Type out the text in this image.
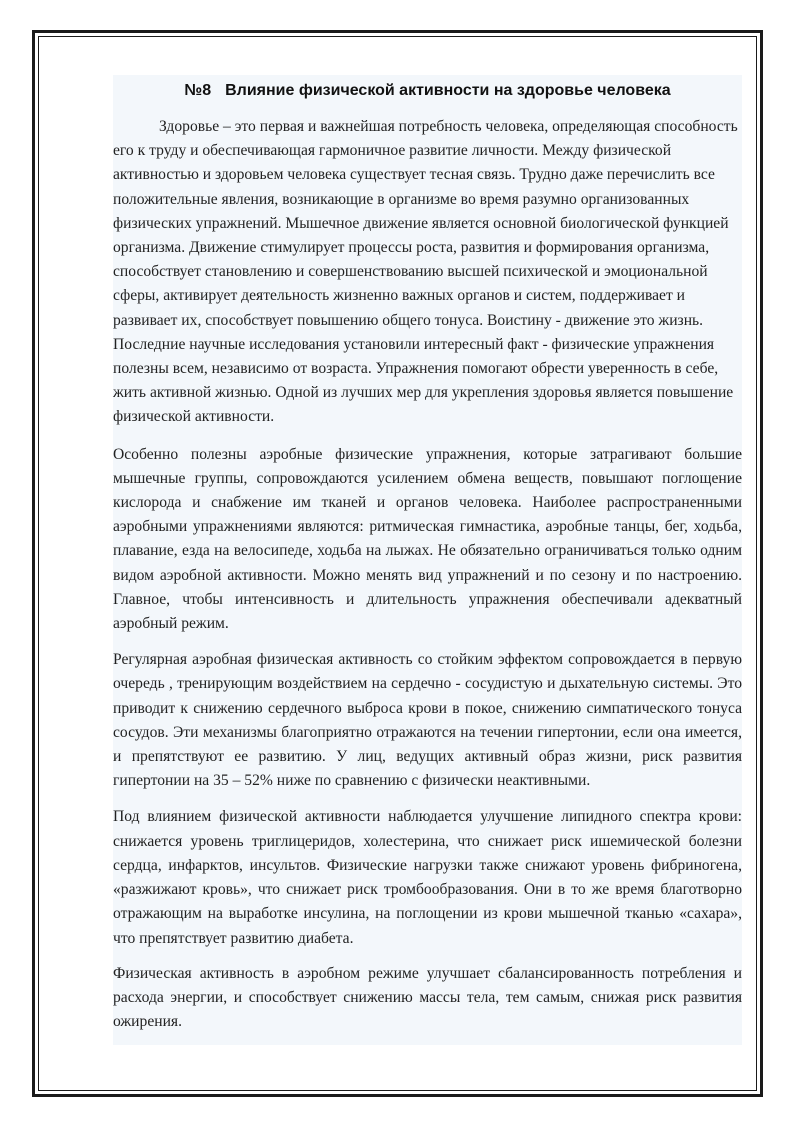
№8 Влияние физической активности на здоровье человека

Здоровье – это первая и важнейшая потребность человека, определяющая способность его к труду и обеспечивающая гармоничное развитие личности. Между физической активностью и здоровьем человека существует тесная связь. Трудно даже перечислить все положительные явления, возникающие в организме во время разумно организованных физических упражнений. Мышечное движение является основной биологической функцией организма. Движение стимулирует процессы роста, развития и формирования организма, способствует становлению и совершенствованию высшей психической и эмоциональной сферы, активирует деятельность жизненно важных органов и систем, поддерживает и развивает их, способствует повышению общего тонуса. Воистину - движение это жизнь. Последние научные исследования установили интересный факт - физические упражнения полезны всем, независимо от возраста. Упражнения помогают обрести уверенность в себе, жить активной жизнью. Одной из лучших мер для укрепления здоровья является повышение физической активности.

Особенно полезны аэробные физические упражнения, которые затрагивают большие мышечные группы, сопровождаются усилением обмена веществ, повышают поглощение кислорода и снабжение им тканей и органов человека. Наиболее распространенными аэробными упражнениями являются: ритмическая гимнастика, аэробные танцы, бег, ходьба, плавание, езда на велосипеде, ходьба на лыжах. Не обязательно ограничиваться только одним видом аэробной активности. Можно менять вид упражнений и по сезону и по настроению. Главное, чтобы интенсивность и длительность упражнения обеспечивали адекватный аэробный режим.

Регулярная аэробная физическая активность со стойким эффектом сопровождается в первую очередь , тренирующим воздействием на сердечно - сосудистую и дыхательную системы. Это приводит к снижению сердечного выброса крови в покое, снижению симпатического тонуса сосудов. Эти механизмы благоприятно отражаются на течении гипертонии, если она имеется, и препятствуют ее развитию. У лиц, ведущих активный образ жизни, риск развития гипертонии на 35 – 52% ниже по сравнению с физически неактивными.

Под влиянием физической активности наблюдается улучшение липидного спектра крови: снижается уровень триглицеридов, холестерина, что снижает риск ишемической болезни сердца, инфарктов, инсультов. Физические нагрузки также снижают уровень фибриногена, «разжижают кровь», что снижает риск тромбообразования. Они в то же время благотворно отражающим на выработке инсулина, на поглощении из крови мышечной тканью «сахара», что препятствует развитию диабета.

Физическая активность в аэробном режиме улучшает сбалансированность потребления и расхода энергии, и способствует снижению массы тела, тем самым, снижая риск развития ожирения.
